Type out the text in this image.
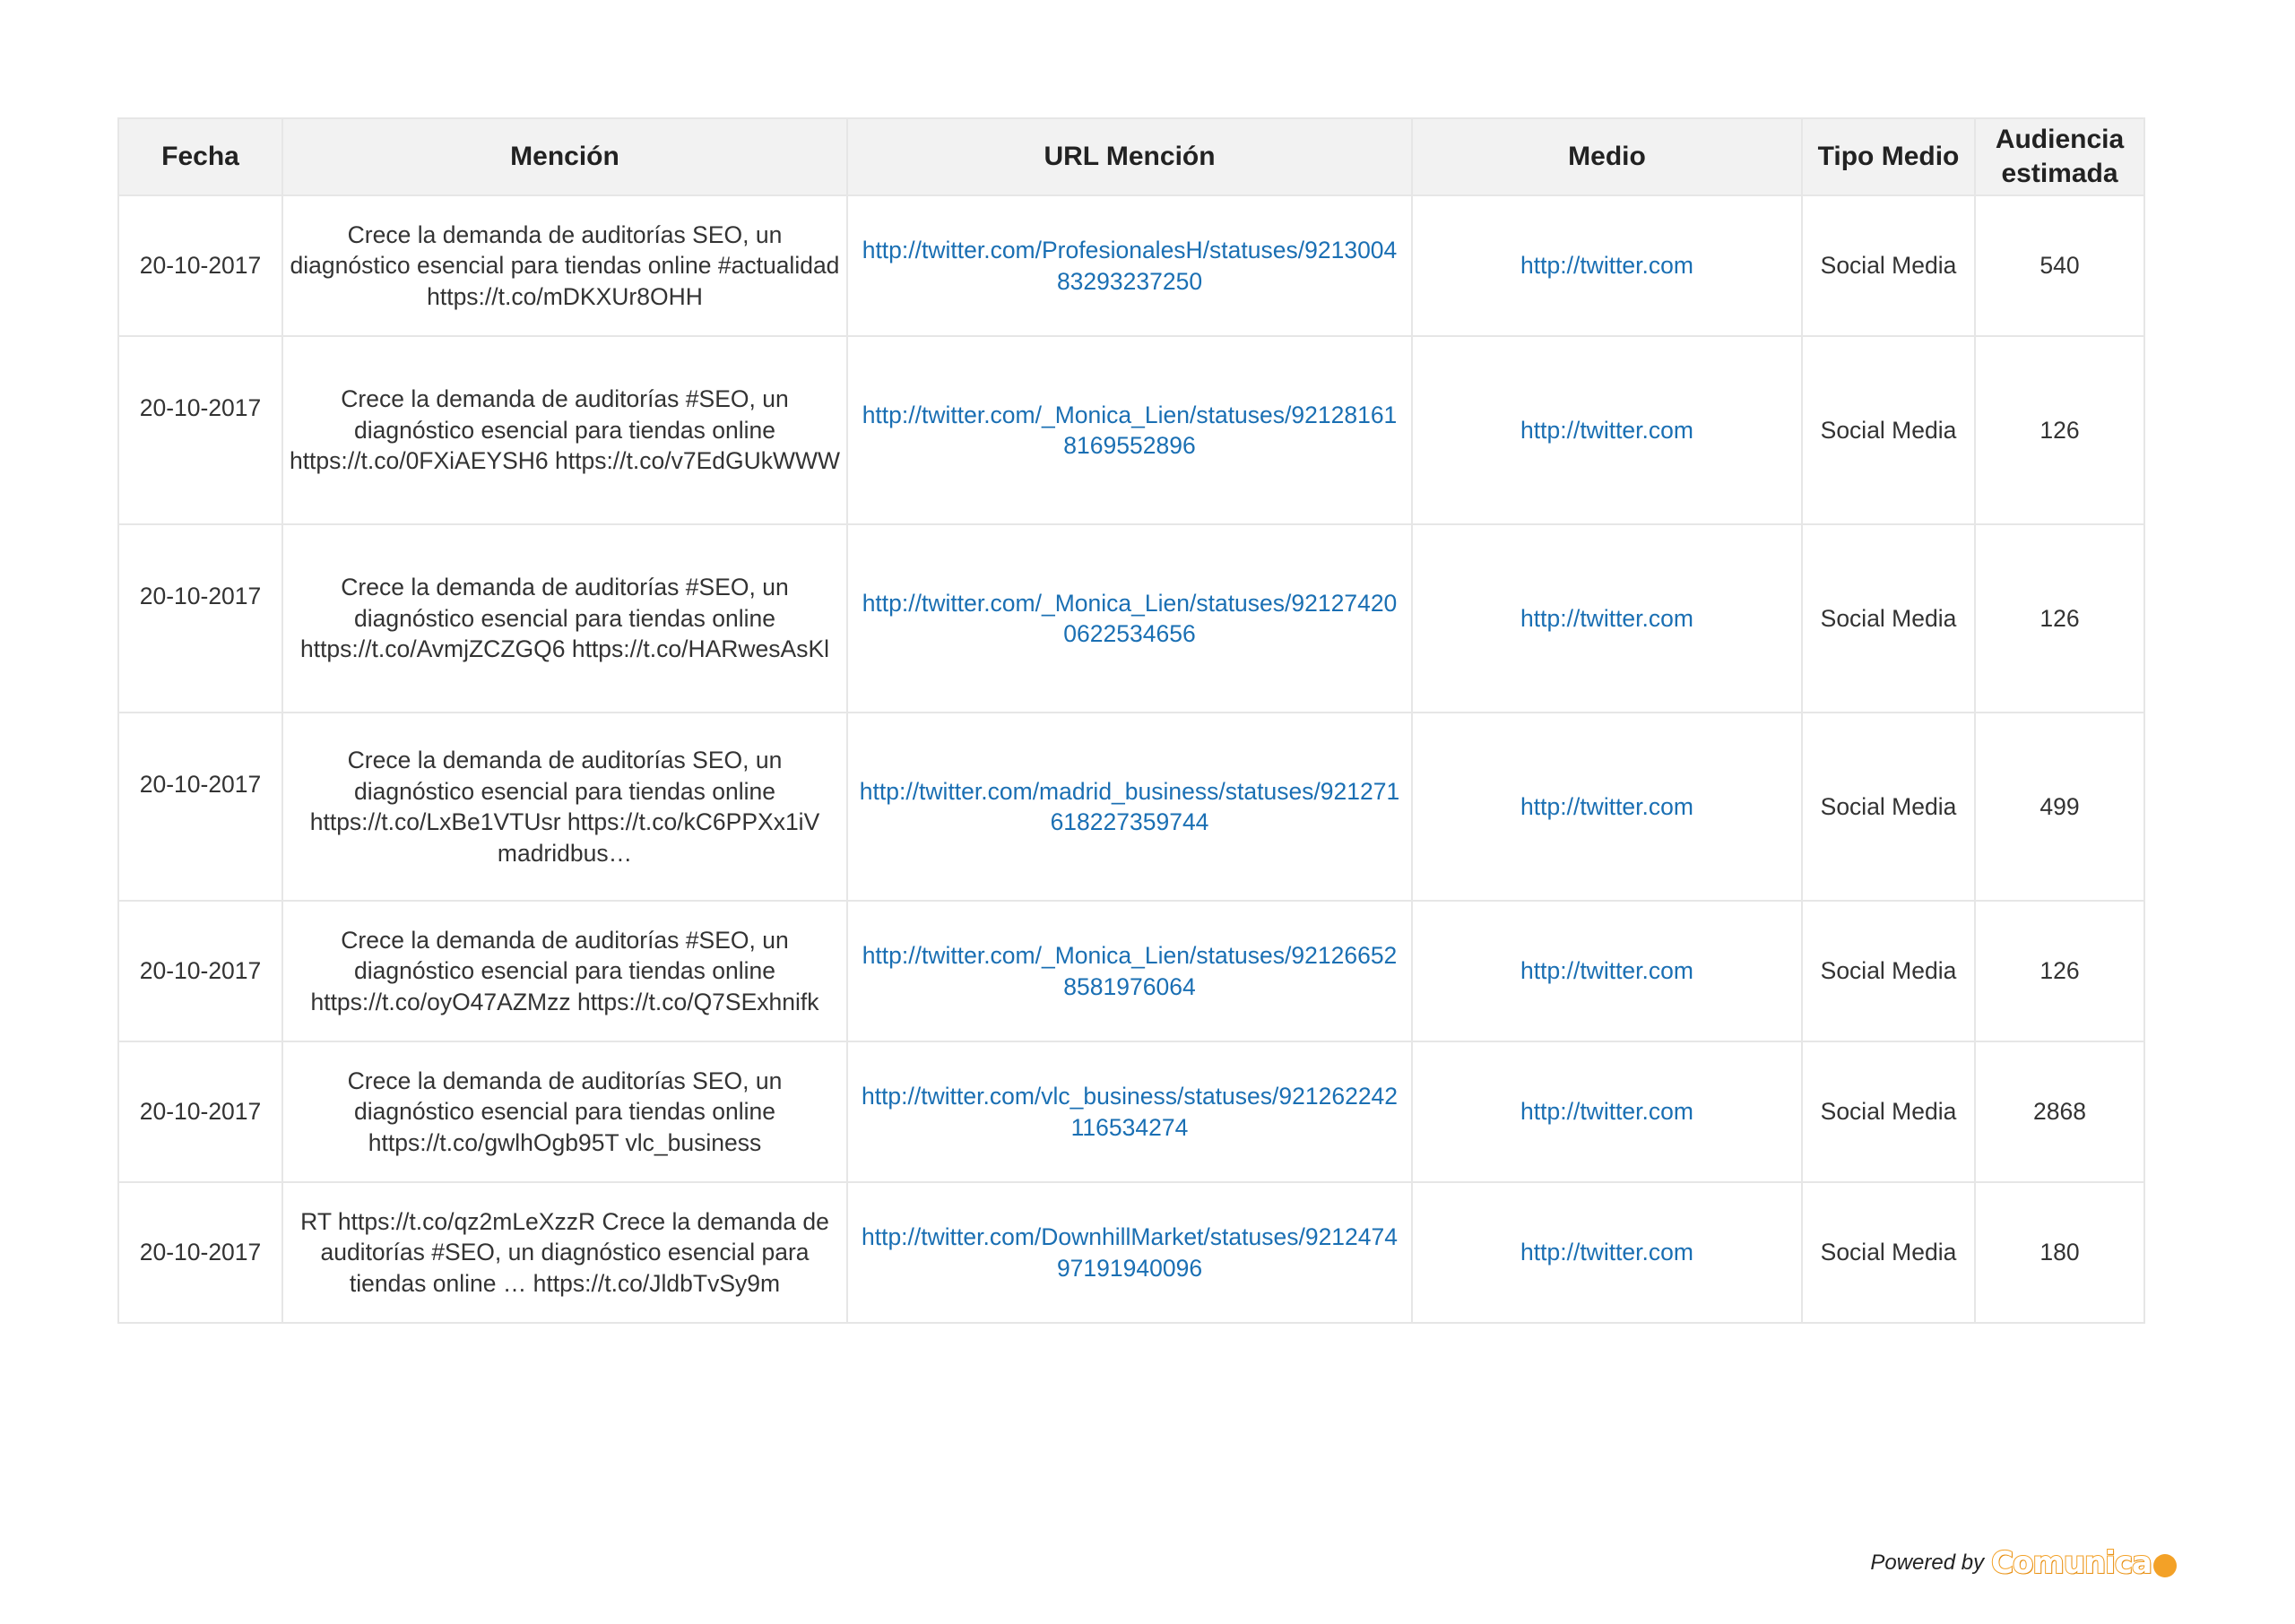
Fecha	Mención	URL Mención	Medio	Tipo Medio	Audiencia
estimada
20-10-2017	Crece la demanda de auditorías SEO, un diagnóstico esencial para tiendas online #actualidad https://t.co/mDKXUr8OHH	http://twitter.com/ProfesionalesH/statuses/921300483293237250	http://twitter.com	Social Media	540
20-10-2017	Crece la demanda de auditorías #SEO, un diagnóstico esencial para tiendas online https://t.co/0FXiAEYSH6 https://t.co/v7EdGUkWWW	http://twitter.com/_Monica_Lien/statuses/921281618169552896	http://twitter.com	Social Media	126
20-10-2017	Crece la demanda de auditorías #SEO, un diagnóstico esencial para tiendas online https://t.co/AvmjZCZGQ6 https://t.co/HARwesAsKl	http://twitter.com/_Monica_Lien/statuses/921274200622534656	http://twitter.com	Social Media	126
20-10-2017	Crece la demanda de auditorías SEO, un diagnóstico esencial para tiendas online https://t.co/LxBe1VTUsr https://t.co/kC6PPXx1iV madridbus…	http://twitter.com/madrid_business/statuses/921271618227359744	http://twitter.com	Social Media	499
20-10-2017	Crece la demanda de auditorías #SEO, un diagnóstico esencial para tiendas online https://t.co/oyO47AZMzz https://t.co/Q7SExhnifk	http://twitter.com/_Monica_Lien/statuses/921266528581976064	http://twitter.com	Social Media	126
20-10-2017	Crece la demanda de auditorías SEO, un diagnóstico esencial para tiendas online https://t.co/gwlhOgb95T vlc_business	http://twitter.com/vlc_business/statuses/921262242116534274	http://twitter.com	Social Media	2868
20-10-2017	RT https://t.co/qz2mLeXzzR Crece la demanda de auditorías #SEO, un diagnóstico esencial para tiendas online … https://t.co/JldbTvSy9m	http://twitter.com/DownhillMarket/statuses/921247497191940096	http://twitter.com	Social Media	180
Powered by Comunica
